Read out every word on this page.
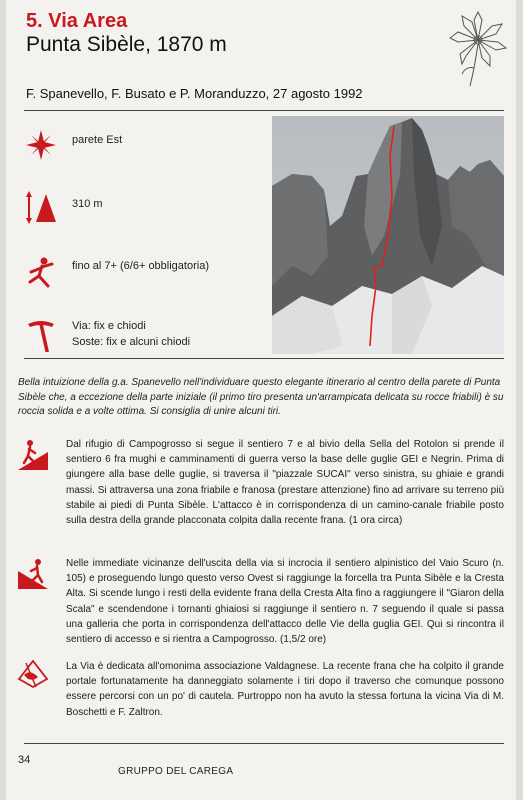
5. Via Area
Punta Sibèle, 1870 m
F. Spanevello, F. Busato e P. Moranduzzo, 27 agosto 1992
parete Est
310 m
fino al 7+ (6/6+ obbligatoria)
Via: fix e chiodi
Soste: fix e alcuni chiodi
Bella intuizione della g.a. Spanevello nell'individuare questo elegante itinerario al centro della parete di Punta Sibèle che, a eccezione della parte iniziale (il primo tiro presenta un'arrampicata delicata su rocce friabili) è su roccia solida e a volte ottima. Si consiglia di unire alcuni tiri.
Dal rifugio di Campogrosso si segue il sentiero 7 e al bivio della Sella del Rotolon si prende il sentiero 6 fra mughi e camminamenti di guerra verso la base delle guglie GEI e Negrin. Prima di giungere alla base delle guglie, si traversa il "piazzale SUCAI" verso sinistra, su ghiaie e grandi massi. Si attraversa una zona friabile e franosa (prestare attenzione) fino ad arrivare su terreno più stabile ai piedi di Punta Sibèle. L'attacco è in corrispondenza di un camino-canale friabile posto sulla destra della grande placconata colpita dalla recente frana. (1 ora circa)
Nelle immediate vicinanze dell'uscita della via si incrocia il sentiero alpinistico del Vaio Scuro (n. 105) e proseguendo lungo questo verso Ovest si raggiunge la forcella tra Punta Sibèle e la Cresta Alta. Si scende lungo i resti della evidente frana della Cresta Alta fino a raggiungere il "Giaron della Scala" e scendendone i tornanti ghiaiosi si raggiunge il sentiero n. 7 seguendo il quale si passa una galleria che porta in corrispondenza dell'attacco delle Vie della guglia GEI. Qui si rincontra il sentiero di accesso e si rientra a Campogrosso. (1,5/2 ore)
La Via è dedicata all'omonima associazione Valdagnese. La recente frana che ha colpito il grande portale fortunatamente ha danneggiato solamente i tiri dopo il traverso che comunque possono essere percorsi con un po' di cautela. Purtroppo non ha avuto la stessa fortuna la vicina Via di M. Boschetti e F. Zaltron.
34
GRUPPO DEL CAREGA
